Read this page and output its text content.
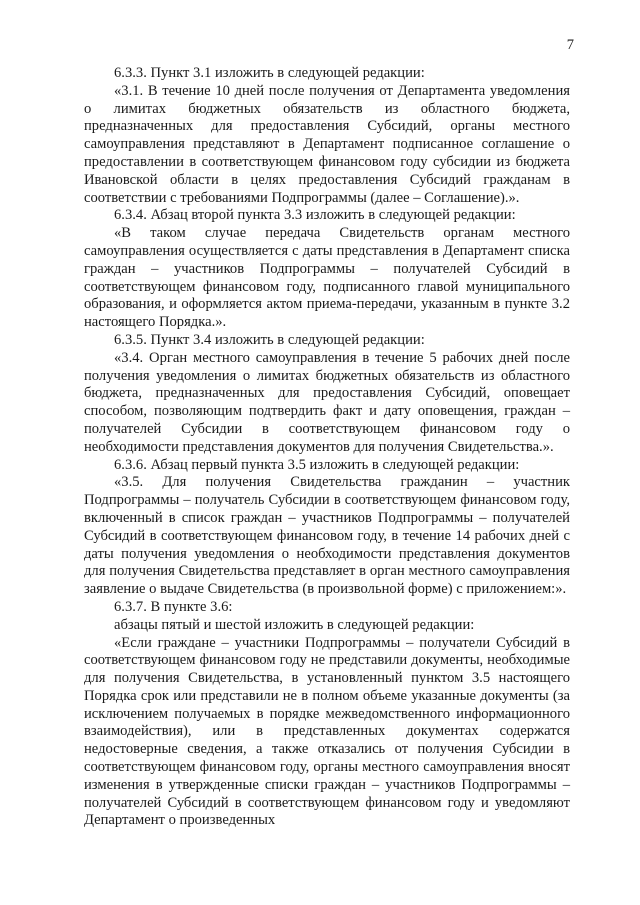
7

6.3.3. Пункт 3.1 изложить в следующей редакции:

«3.1. В течение 10 дней после получения от Департамента уведомления о лимитах бюджетных обязательств из областного бюджета, предназначенных для предоставления Субсидий, органы местного самоуправления представляют в Департамент подписанное соглашение о предоставлении в соответствующем финансовом году субсидии из бюджета Ивановской области в целях предоставления Субсидий гражданам в соответствии с требованиями Подпрограммы (далее – Соглашение).».

6.3.4. Абзац второй пункта 3.3 изложить в следующей редакции:

«В таком случае передача Свидетельств органам местного самоуправления осуществляется с даты представления в Департамент списка граждан – участников Подпрограммы – получателей Субсидий в соответствующем финансовом году, подписанного главой муниципального образования, и оформляется актом приема-передачи, указанным в пункте 3.2 настоящего Порядка.».

6.3.5. Пункт 3.4 изложить в следующей редакции:

«3.4. Орган местного самоуправления в течение 5 рабочих дней после получения уведомления о лимитах бюджетных обязательств из областного бюджета, предназначенных для предоставления Субсидий, оповещает способом, позволяющим подтвердить факт и дату оповещения, граждан – получателей Субсидии в соответствующем финансовом году о необходимости представления документов для получения Свидетельства.».

6.3.6. Абзац первый пункта 3.5 изложить в следующей редакции:

«3.5. Для получения Свидетельства гражданин – участник Подпрограммы – получатель Субсидии в соответствующем финансовом году, включенный в список граждан – участников Подпрограммы – получателей Субсидий в соответствующем финансовом году, в течение 14 рабочих дней с даты получения уведомления о необходимости представления документов для получения Свидетельства представляет в орган местного самоуправления заявление о выдаче Свидетельства (в произвольной форме) с приложением:».

6.3.7. В пункте 3.6:

абзацы пятый и шестой изложить в следующей редакции:

«Если граждане – участники Подпрограммы – получатели Субсидий в соответствующем финансовом году не представили документы, необходимые для получения Свидетельства, в установленный пунктом 3.5 настоящего Порядка срок или представили не в полном объеме указанные документы (за исключением получаемых в порядке межведомственного информационного взаимодействия), или в представленных документах содержатся недостоверные сведения, а также отказались от получения Субсидии в соответствующем финансовом году, органы местного самоуправления вносят изменения в утвержденные списки граждан – участников Подпрограммы – получателей Субсидий в соответствующем финансовом году и уведомляют Департамент о произведенных
